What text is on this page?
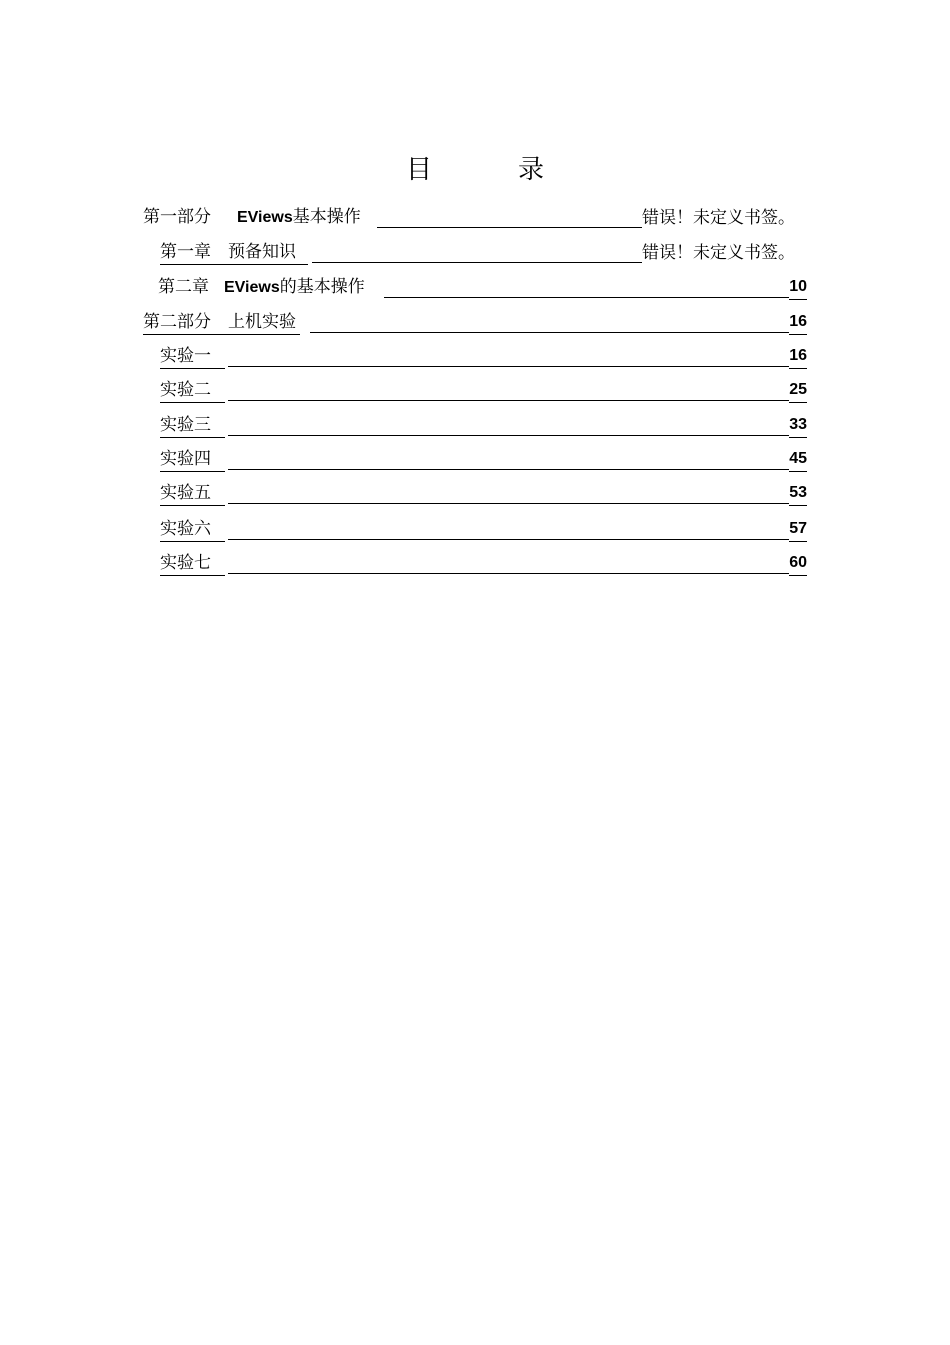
目　录
第一部分 EViews基本操作	错误！未定义书签。
第一章 预备知识	错误！未定义书签。
第二章 EViews的基本操作	10
第二部分 上机实验	16
实验一	16
实验二	25
实验三	33
实验四	45
实验五	53
实验六	57
实验七	60
